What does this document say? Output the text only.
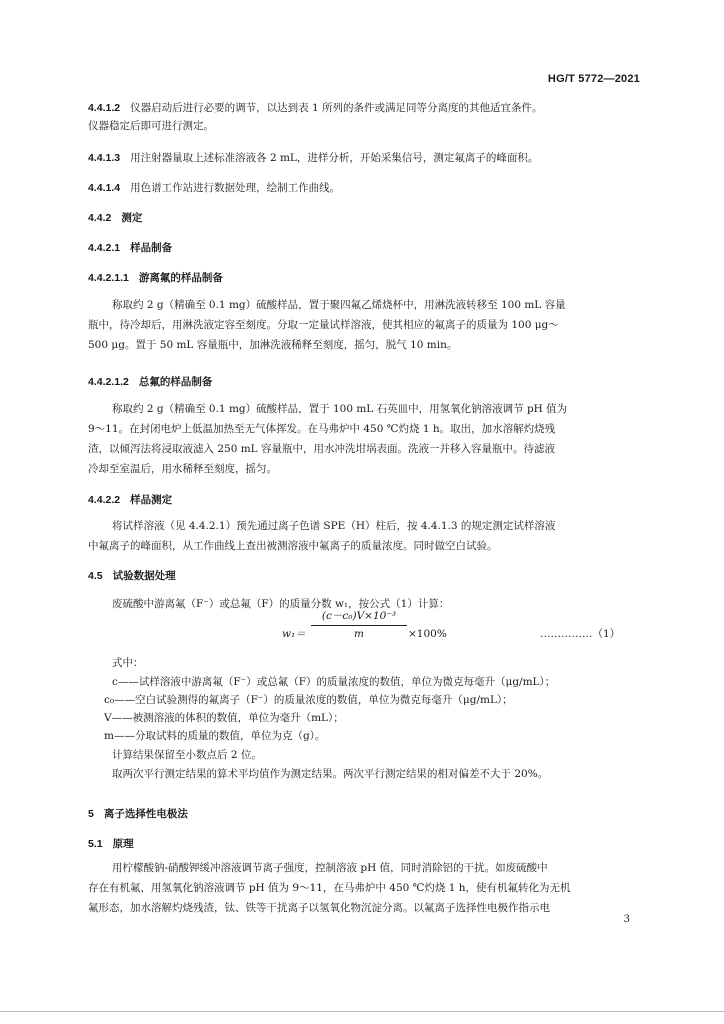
HG/T 5772—2021
4.4.1.2 仪器启动后进行必要的调节，以达到表 1 所列的条件或满足同等分离度的其他适宜条件。
仪器稳定后即可进行测定。
4.4.1.3 用注射器量取上述标准溶液各 2 mL，进样分析，开始采集信号，测定氟离子的峰面积。
4.4.1.4 用色谱工作站进行数据处理，绘制工作曲线。
4.4.2 测定
4.4.2.1 样品制备
4.4.2.1.1 游离氟的样品制备
称取约 2 g（精确至 0.1 mg）硫酸样品，置于聚四氟乙烯烧杯中，用淋洗液转移至 100 mL 容量
瓶中，待冷却后，用淋洗液定容至刻度。分取一定量试样溶液，使其相应的氟离子的质量为 100 μg～
500 μg。置于 50 mL 容量瓶中，加淋洗液稀释至刻度，摇匀，脱气 10 min。
4.4.2.1.2 总氟的样品制备
称取约 2 g（精确至 0.1 mg）硫酸样品，置于 100 mL 石英皿中，用氢氧化钠溶液调节 pH 值为
9～11。在封闭电炉上低温加热至无气体挥发。在马弗炉中 450 ℃灼烧 1 h。取出，加水溶解灼烧残
渣，以倾泻法将浸取液滤入 250 mL 容量瓶中，用水冲洗坩埚表面。洗液一并移入容量瓶中。待滤液
冷却至室温后，用水稀释至刻度，摇匀。
4.4.2.2 样品测定
将试样溶液（见 4.4.2.1）预先通过离子色谱 SPE（H）柱后，按 4.4.1.3 的规定测定试样溶液
中氟离子的峰面积，从工作曲线上查出被测溶液中氟离子的质量浓度。同时做空白试验。
4.5 试验数据处理
废硫酸中游离氟（F⁻）或总氟（F）的质量分数 w₁，按公式（1）计算：
$w_1= \frac{\text{(c－c₀)V×10⁻³}}{m} \times 100\%$	……………（1）
式中：
c——试样溶液中游离氟（F⁻）或总氟（F）的质量浓度的数值，单位为微克每毫升（μg/mL）；
c₀——空白试验测得的氟离子（F⁻）的质量浓度的数值，单位为微克每毫升（μg/mL）；
V——被测溶液的体积的数值，单位为毫升（mL）；
m——分取试料的质量的数值，单位为克（g）。
计算结果保留至小数点后 2 位。
取两次平行测定结果的算术平均值作为测定结果。两次平行测定结果的相对偏差不大于 20%。
5 离子选择性电极法
5.1 原理
用柠檬酸钠-硝酸钾缓冲溶液调节离子强度，控制溶液 pH 值，同时消除铝的干扰。如废硫酸中
存在有机氟，用氢氧化钠溶液调节 pH 值为 9～11，在马弗炉中 450 ℃灼烧 1 h，使有机氟转化为无机
氟形态，加水溶解灼烧残渣，钛、铁等干扰离子以氢氧化物沉淀分离。以氟离子选择性电极作指示电
3
